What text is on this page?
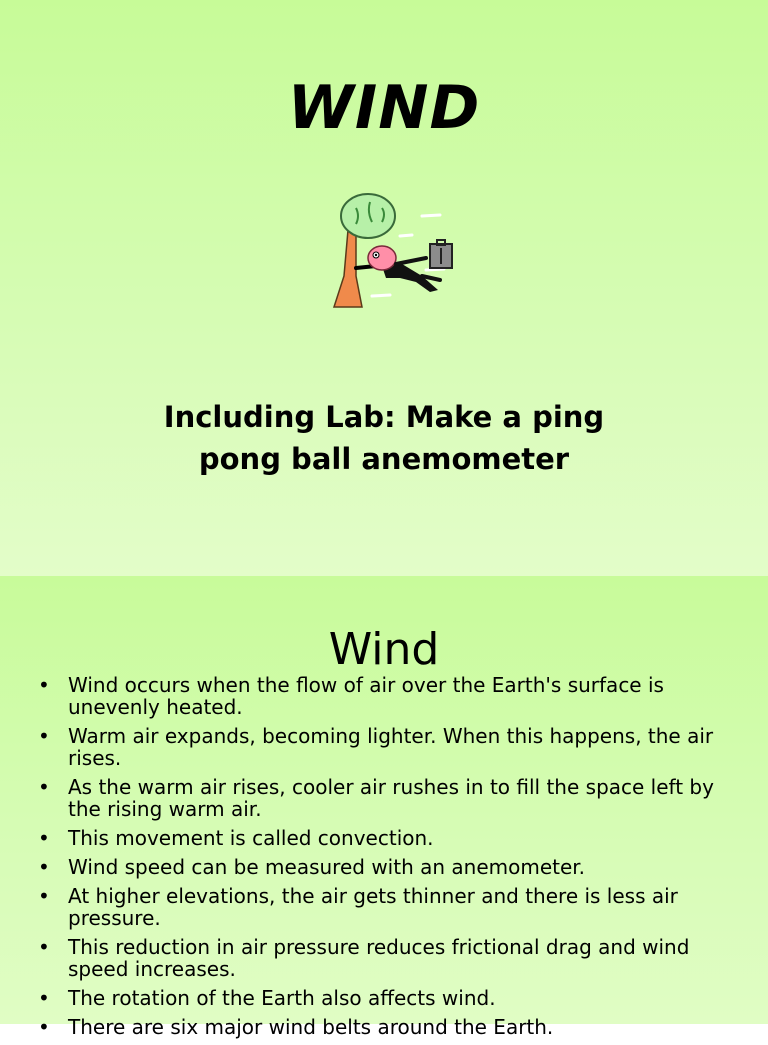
WIND
Including Lab: Make a ping
pong ball anemometer
Wind
• Wind occurs when the flow of air over the Earth's surface is unevenly heated.
• Warm air expands, becoming lighter. When this happens, the air rises.
• As the warm air rises, cooler air rushes in to fill the space left by the rising warm air.
• This movement is called convection.
• Wind speed can be measured with an anemometer.
• At higher elevations, the air gets thinner and there is less air pressure.
• This reduction in air pressure reduces frictional drag and wind speed increases.
• The rotation of the Earth also affects wind.
• There are six major wind belts around the Earth.
